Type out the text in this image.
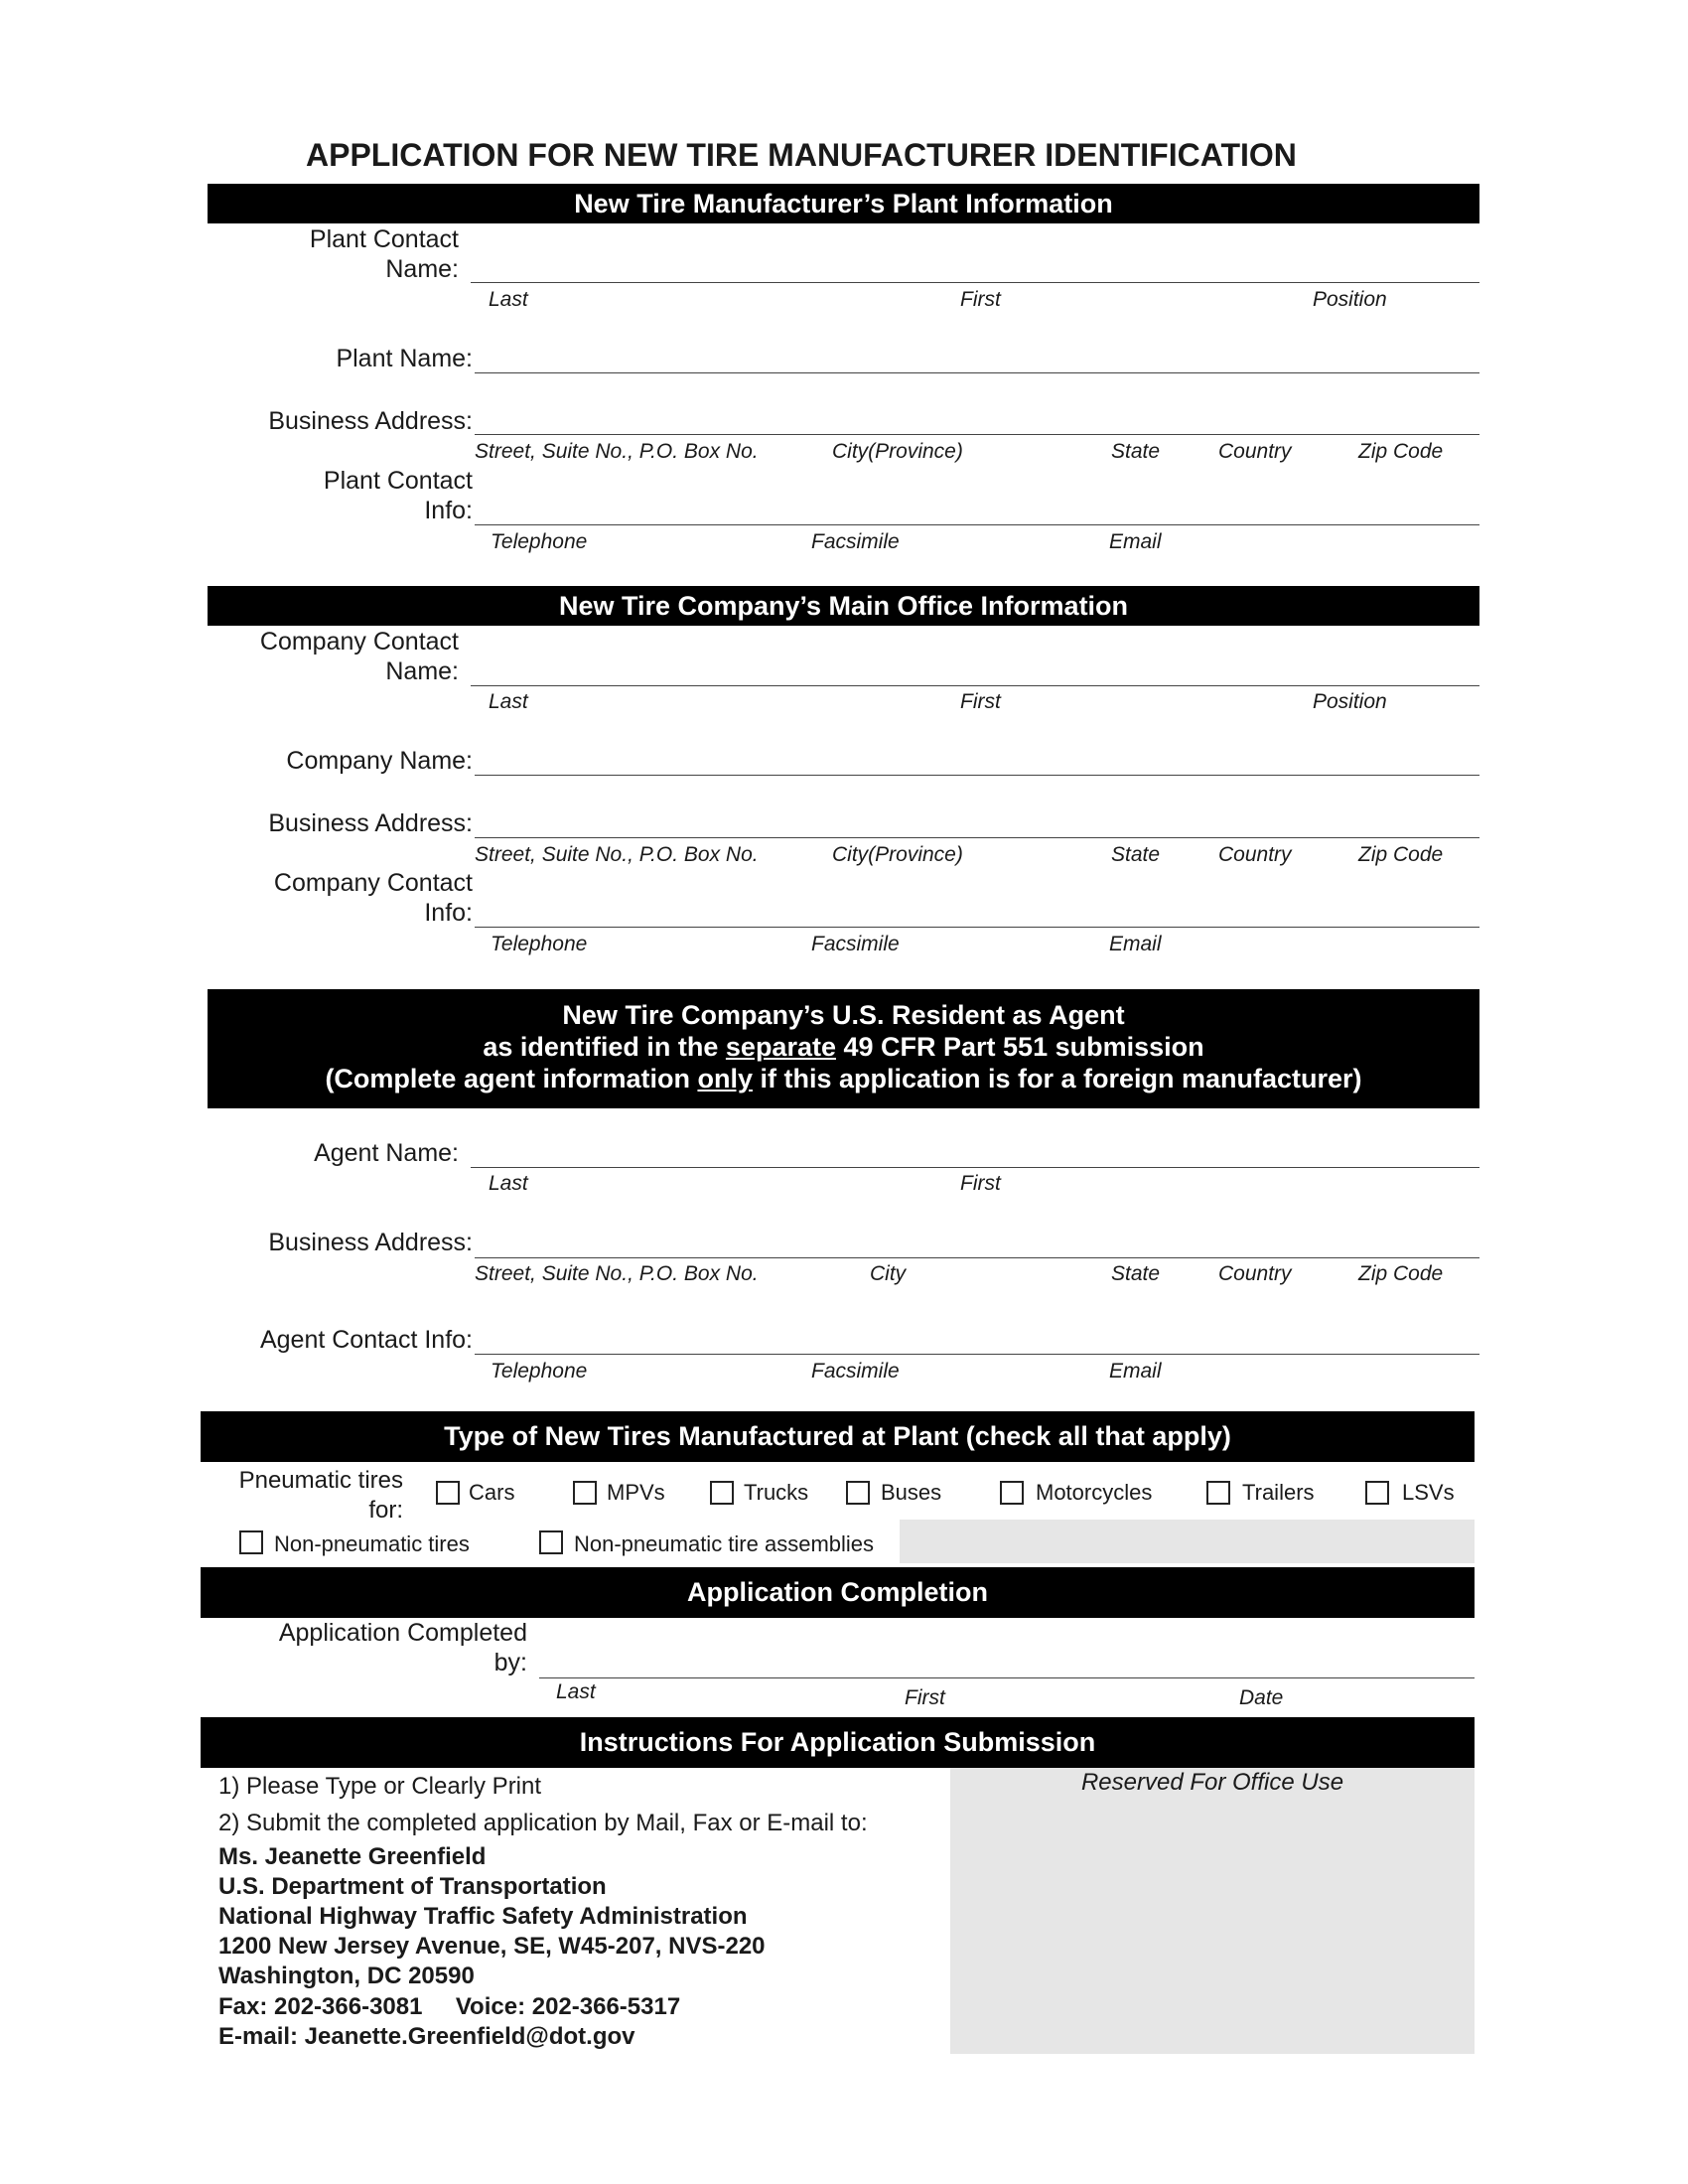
APPLICATION FOR NEW TIRE MANUFACTURER IDENTIFICATION
New Tire Manufacturer’s Plant Information
Plant Contact
Name:
Last	First	Position
Plant Name:
Business Address:
Street, Suite No., P.O. Box No.	City(Province)	State	Country	Zip Code
Plant Contact
Info:
Telephone	Facsimile	Email
New Tire Company’s Main Office Information
Company Contact
Name:
Last	First	Position
Company Name:
Business Address:
Street, Suite No., P.O. Box No.	City(Province)	State	Country	Zip Code
Company Contact
Info:
Telephone	Facsimile	Email
New Tire Company’s U.S. Resident as Agent
as identified in the separate 49 CFR Part 551 submission
(Complete agent information only if this application is for a foreign manufacturer)
Agent Name:
Last	First
Business Address:
Street, Suite No., P.O. Box No.	City	State	Country	Zip Code
Agent Contact Info:
Telephone	Facsimile	Email
Type of New Tires Manufactured at Plant (check all that apply)
Pneumatic tires
for:
Cars	MPVs	Trucks	Buses	Motorcycles	Trailers	LSVs
Non-pneumatic tires	Non-pneumatic tire assemblies
Application Completion
Application Completed
by:
Last	First	Date
Instructions For Application Submission
Reserved For Office Use
1) Please Type or Clearly Print
2) Submit the completed application by Mail, Fax or E-mail to:
Ms. Jeanette Greenfield
U.S. Department of Transportation
National Highway Traffic Safety Administration
1200 New Jersey Avenue, SE, W45-207, NVS-220
Washington, DC 20590
Fax: 202-366-3081     Voice: 202-366-5317
E-mail: Jeanette.Greenfield@dot.gov
